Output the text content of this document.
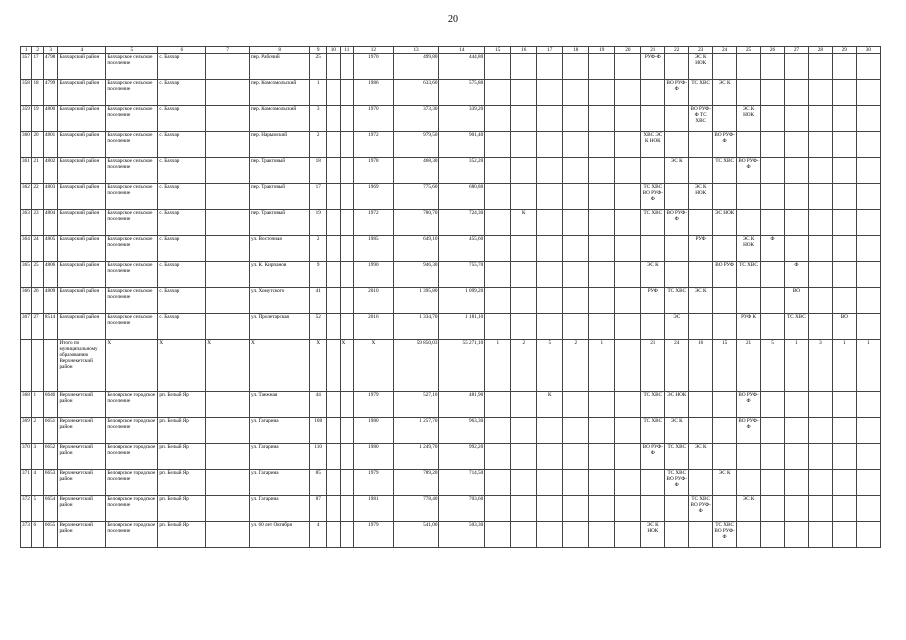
20
1	2	3	4	5	6	7	8	9	10	11	12	13	14	15	16	17	18	19	20	21	22	23	24	25	26	27	28	29	30
357	17	4798	Бахчарский район	Бахчарское сельское поселение	с. Бахчар		пер. Рабочий	25			1970	499,80	444,80							РУФ-Ф		ЭС К НОК							
358	18	4799	Бахчарский район	Бахчарское сельское поселение	с. Бахчар		пер. Комсомольский	1			1986	633,60	575,80								ВО РУФ-Ф	ТС ХВС	ЭС К						
359	19	4800	Бахчарский район	Бахчарское сельское поселение	с. Бахчар		пер. Комсомольский	3			1970	373,30	339,20									ВО РУФ-Ф ТС ХВС		ЭС К НОК					
360	20	4801	Бахчарский район	Бахчарское сельское поселение	с. Бахчар		пер. Нарымский	2			1972	979,50	901,40							ХВС ЭС К НОК			ВО РУФ-Ф						
361	21	4802	Бахчарский район	Бахчарское сельское поселение	с. Бахчар		пер. Трактовый	18			1978	468,30	352,20								ЭС К		ТС ХВС	ВО РУФ-Ф					
362	22	4803	Бахчарский район	Бахчарское сельское поселение	с. Бахчар		пер. Трактовый	17			1969	775,60	680,80							ТС ХВС ВО РУФ-Ф		ЭС К НОК							
363	23	4804	Бахчарский район	Бахчарское сельское поселение	с. Бахчар		пер. Трактовый	19			1972	780,70	724,30		К					ТС ХВС	ВО РУФ-Ф		ЭС НОК						
364	24	4805	Бахчарский район	Бахчарское сельское поселение	с. Бахчар		ул. Восточная	2			1985	649,10	455,60									РУФ		ЭС К НОК	Ф				
365	25	4806	Бахчарский район	Бахчарское сельское поселение	с. Бахчар		ул. К. Кирпанов	9			1990	946,30	755,70							ЭС К			ВО РУФ	ТС ХВС		Ф			
366	26	4809	Бахчарский район	Бахчарское сельское поселение	с. Бахчар		ул. Хомутского	41			2010	1 395,80	1 099,20							РУФ	ТС ХВС	ЭС К				ВО			
367	27	8514	Бахчарский район	Бахчарское сельское поселение	с. Бахчар		ул. Пролетарская	52			2016	1 334,70	1 181,10								ЭС			РУФ К		ТС ХВС		ВО	
			Итого по муниципальному образованию Верхнекетский район	Х	Х	Х	Х	Х		Х	Х	59 850,03	55 271,10	1	2	5	2	1		21	24	16	15	21	5	1	3	1	1
368	1	6646	Верхнекетский район	Белоярское городское поселение	рп. Белый Яр		ул. Таежная	44			1979	527,10	481,90			К				ТС ХВС	ЭС НОК			ВО РУФ-Ф					
369	2	6651	Верхнекетский район	Белоярское городское поселение	рп. Белый Яр		ул. Гагарина	108			1980	1 257,70	963,30							ТС ХВС	ЭС К			ВО РУФ-Ф					
370	3	6652	Верхнекетский район	Белоярское городское поселение	рп. Белый Яр		ул. Гагарина	110			1980	1 249,70	992,20							ВО РУФ-Ф	ТС ХВС	ЭС К							
371	4	6653	Верхнекетский район	Белоярское городское поселение	рп. Белый Яр		ул. Гагарина	85			1979	789,20	714,50								ТС ХВС ВО РУФ-Ф		ЭС К						
372	5	6654	Верхнекетский район	Белоярское городское поселение	рп. Белый Яр		ул. Гагарина	87			1981	778,40	703,60									ТС ХВС ВО РУФ-Ф		ЭС К					
373	6	6655	Верхнекетский район	Белоярское городское поселение	рп. Белый Яр		ул. 60 лет Октября	4			1979	541,00	503,30							ЭС К НОК			ТС ХВС ВО РУФ-Ф						
